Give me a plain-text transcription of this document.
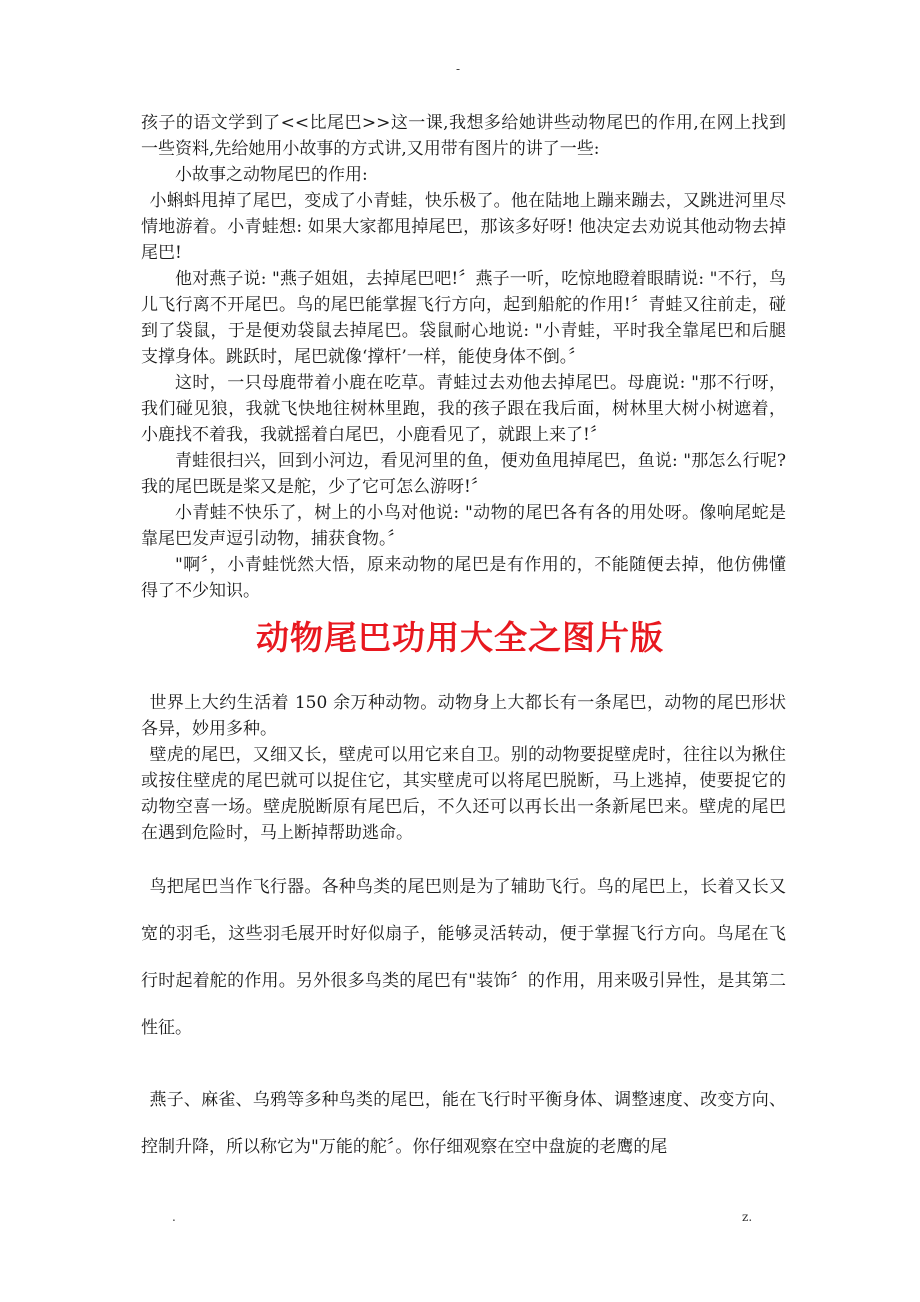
-

孩子的语文学到了<<比尾巴>>这一课,我想多给她讲些动物尾巴的作用,在网上找到一些资料,先给她用小故事的方式讲,又用带有图片的讲了一些:

小故事之动物尾巴的作用:

小蝌蚪甩掉了尾巴，变成了小青蛙，快乐极了。他在陆地上蹦来蹦去，又跳进河里尽情地游着。小青蛙想: 如果大家都甩掉尾巴，那该多好呀! 他决定去劝说其他动物去掉尾巴!

他对燕子说: "燕子姐姐，去掉尾巴吧!〞燕子一听，吃惊地瞪着眼睛说: "不行，鸟儿飞行离不开尾巴。鸟的尾巴能掌握飞行方向，起到船舵的作用!〞青蛙又往前走，碰到了袋鼠，于是便劝袋鼠去掉尾巴。袋鼠耐心地说: "小青蛙，平时我全靠尾巴和后腿支撑身体。跳跃时，尾巴就像‘撑杆’一样，能使身体不倒。〞

这时，一只母鹿带着小鹿在吃草。青蛙过去劝他去掉尾巴。母鹿说: "那不行呀，我们碰见狼，我就飞快地往树林里跑，我的孩子跟在我后面，树林里大树小树遮着，小鹿找不着我，我就摇着白尾巴，小鹿看见了，就跟上来了!〞

青蛙很扫兴，回到小河边，看见河里的鱼，便劝鱼甩掉尾巴，鱼说: "那怎么行呢? 我的尾巴既是桨又是舵，少了它可怎么游呀!〞

小青蛙不快乐了，树上的小鸟对他说: "动物的尾巴各有各的用处呀。像响尾蛇是靠尾巴发声逗引动物，捕获食物。〞

"啊〞，小青蛙恍然大悟，原来动物的尾巴是有作用的，不能随便去掉，他仿佛懂得了不少知识。

动物尾巴功用大全之图片版

世界上大约生活着 150 余万种动物。动物身上大都长有一条尾巴，动物的尾巴形状各异，妙用多种。

壁虎的尾巴，又细又长，壁虎可以用它来自卫。别的动物要捉壁虎时，往往以为揪住或按住壁虎的尾巴就可以捉住它，其实壁虎可以将尾巴脱断，马上逃掉，使要捉它的动物空喜一场。壁虎脱断原有尾巴后，不久还可以再长出一条新尾巴来。壁虎的尾巴在遇到危险时，马上断掉帮助逃命。

鸟把尾巴当作飞行器。各种鸟类的尾巴则是为了辅助飞行。鸟的尾巴上，长着又长又宽的羽毛，这些羽毛展开时好似扇子，能够灵活转动，便于掌握飞行方向。鸟尾在飞行时起着舵的作用。另外很多鸟类的尾巴有"装饰〞的作用，用来吸引异性，是其第二性征。

燕子、麻雀、乌鸦等多种鸟类的尾巴，能在飞行时平衡身体、调整速度、改变方向、控制升降，所以称它为"万能的舵〞。你仔细观察在空中盘旋的老鹰的尾

.	z.
